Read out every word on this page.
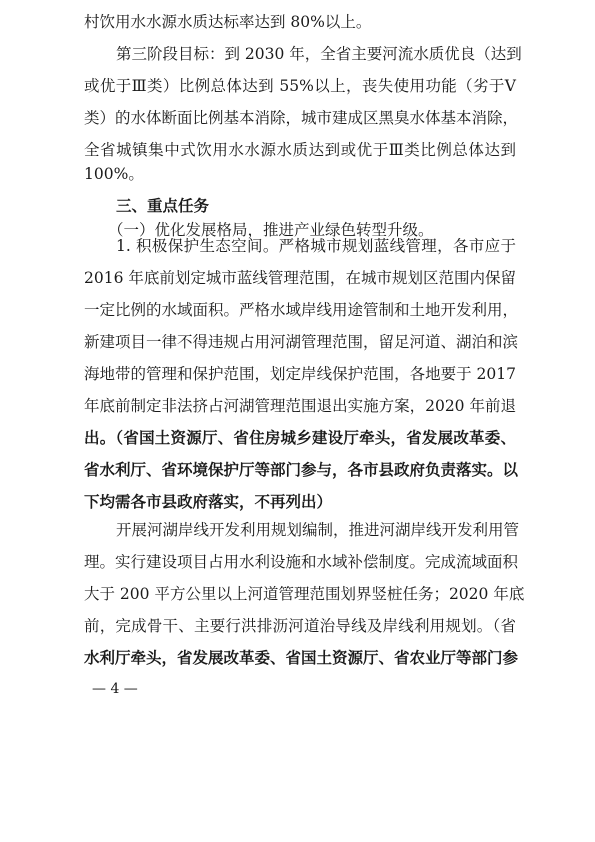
村饮用水水源水质达标率达到 80%以上。
第三阶段目标：到 2030 年，全省主要河流水质优良（达到
或优于Ⅲ类）比例总体达到 55%以上，丧失使用功能（劣于Ⅴ
类）的水体断面比例基本消除，城市建成区黑臭水体基本消除，
全省城镇集中式饮用水水源水质达到或优于Ⅲ类比例总体达到
100%。
三、重点任务
（一）优化发展格局，推进产业绿色转型升级。
1. 积极保护生态空间。严格城市规划蓝线管理，各市应于
2016 年底前划定城市蓝线管理范围，在城市规划区范围内保留
一定比例的水域面积。严格水域岸线用途管制和土地开发利用，
新建项目一律不得违规占用河湖管理范围，留足河道、湖泊和滨
海地带的管理和保护范围，划定岸线保护范围，各地要于 2017
年底前制定非法挤占河湖管理范围退出实施方案，2020 年前退
出。（省国土资源厅、省住房城乡建设厅牵头，省发展改革委、
省水利厅、省环境保护厅等部门参与，各市县政府负责落实。以
下均需各市县政府落实，不再列出）
开展河湖岸线开发利用规划编制，推进河湖岸线开发利用管
理。实行建设项目占用水利设施和水域补偿制度。完成流域面积
大于 200 平方公里以上河道管理范围划界竖桩任务；2020 年底
前，完成骨干、主要行洪排沥河道治导线及岸线利用规划。（省
水利厅牵头，省发展改革委、省国土资源厅、省农业厅等部门参
— 4 —
